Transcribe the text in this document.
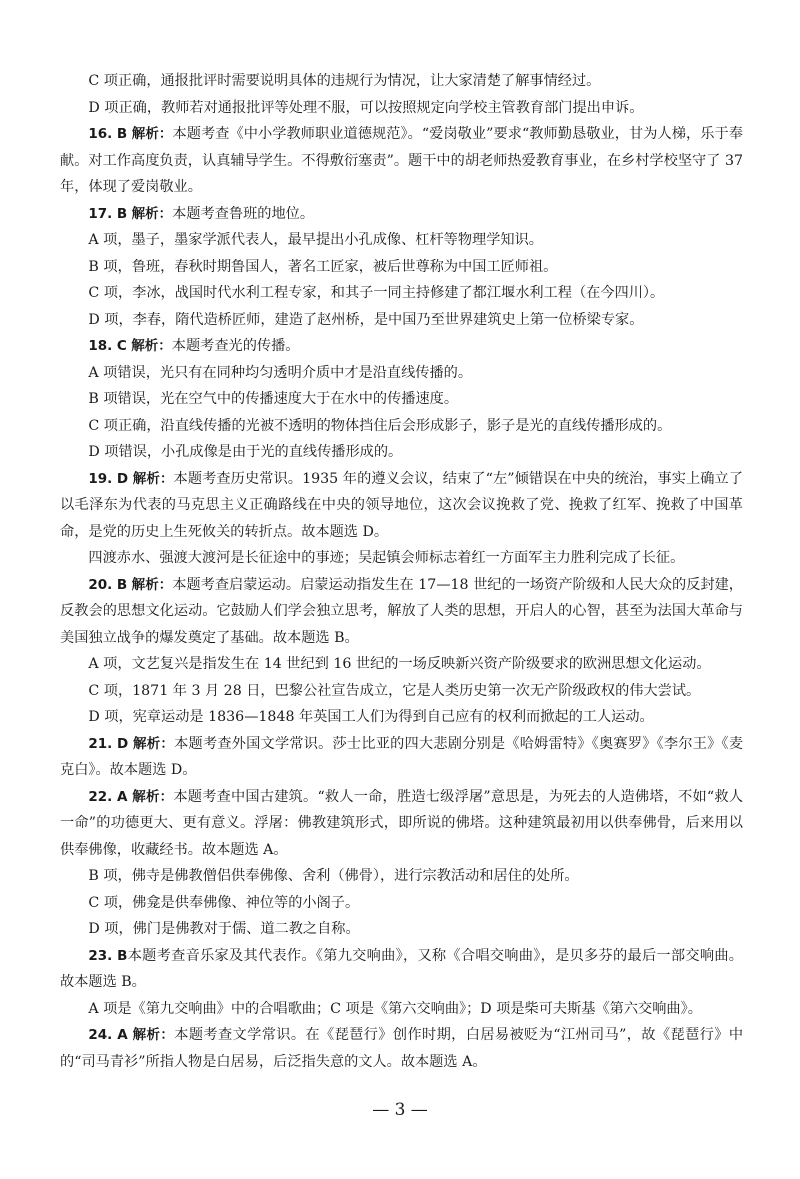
C 项正确，通报批评时需要说明具体的违规行为情况，让大家清楚了解事情经过。

D 项正确，教师若对通报批评等处理不服，可以按照规定向学校主管教育部门提出申诉。

16. B 解析：本题考查《中小学教师职业道德规范》。“爱岗敬业”要求“教师勤恳敬业，甘为人梯，乐于奉献。对工作高度负责，认真辅导学生。不得敷衍塞责”。题干中的胡老师热爱教育事业，在乡村学校坚守了 37 年，体现了爱岗敬业。

17. B 解析：本题考查鲁班的地位。

A 项，墨子，墨家学派代表人，最早提出小孔成像、杠杆等物理学知识。

B 项，鲁班，春秋时期鲁国人，著名工匠家，被后世尊称为中国工匠师祖。

C 项，李冰，战国时代水利工程专家，和其子一同主持修建了都江堰水利工程（在今四川）。

D 项，李春，隋代造桥匠师，建造了赵州桥，是中国乃至世界建筑史上第一位桥梁专家。

18. C 解析：本题考查光的传播。

A 项错误，光只有在同种均匀透明介质中才是沿直线传播的。

B 项错误，光在空气中的传播速度大于在水中的传播速度。

C 项正确，沿直线传播的光被不透明的物体挡住后会形成影子，影子是光的直线传播形成的。

D 项错误，小孔成像是由于光的直线传播形成的。

19. D 解析：本题考查历史常识。1935 年的遵义会议，结束了“左”倾错误在中央的统治，事实上确立了以毛泽东为代表的马克思主义正确路线在中央的领导地位，这次会议挽救了党、挽救了红军、挽救了中国革命，是党的历史上生死攸关的转折点。故本题选 D。

四渡赤水、强渡大渡河是长征途中的事迹；吴起镇会师标志着红一方面军主力胜利完成了长征。

20. B 解析：本题考查启蒙运动。启蒙运动指发生在 17—18 世纪的一场资产阶级和人民大众的反封建，反教会的思想文化运动。它鼓励人们学会独立思考，解放了人类的思想，开启人的心智，甚至为法国大革命与美国独立战争的爆发奠定了基础。故本题选 B。

A 项，文艺复兴是指发生在 14 世纪到 16 世纪的一场反映新兴资产阶级要求的欧洲思想文化运动。

C 项，1871 年 3 月 28 日，巴黎公社宣告成立，它是人类历史第一次无产阶级政权的伟大尝试。

D 项，宪章运动是 1836—1848 年英国工人们为得到自己应有的权利而掀起的工人运动。

21. D 解析：本题考查外国文学常识。莎士比亚的四大悲剧分别是《哈姆雷特》《奥赛罗》《李尔王》《麦克白》。故本题选 D。

22. A 解析：本题考查中国古建筑。“救人一命，胜造七级浮屠”意思是，为死去的人造佛塔，不如“救人一命”的功德更大、更有意义。浮屠：佛教建筑形式，即所说的佛塔。这种建筑最初用以供奉佛骨，后来用以供奉佛像，收藏经书。故本题选 A。

B 项，佛寺是佛教僧侣供奉佛像、舍利（佛骨），进行宗教活动和居住的处所。

C 项，佛龛是供奉佛像、神位等的小阁子。

D 项，佛门是佛教对于儒、道二教之自称。

23. B本题考查音乐家及其代表作。《第九交响曲》，又称《合唱交响曲》，是贝多芬的最后一部交响曲。故本题选 B。

A 项是《第九交响曲》中的合唱歌曲；C 项是《第六交响曲》；D 项是柴可夫斯基《第六交响曲》。

24. A 解析：本题考查文学常识。在《琵琶行》创作时期，白居易被贬为“江州司马”，故《琵琶行》中的“司马青衫”所指人物是白居易，后泛指失意的文人。故本题选 A。

— 3 —
